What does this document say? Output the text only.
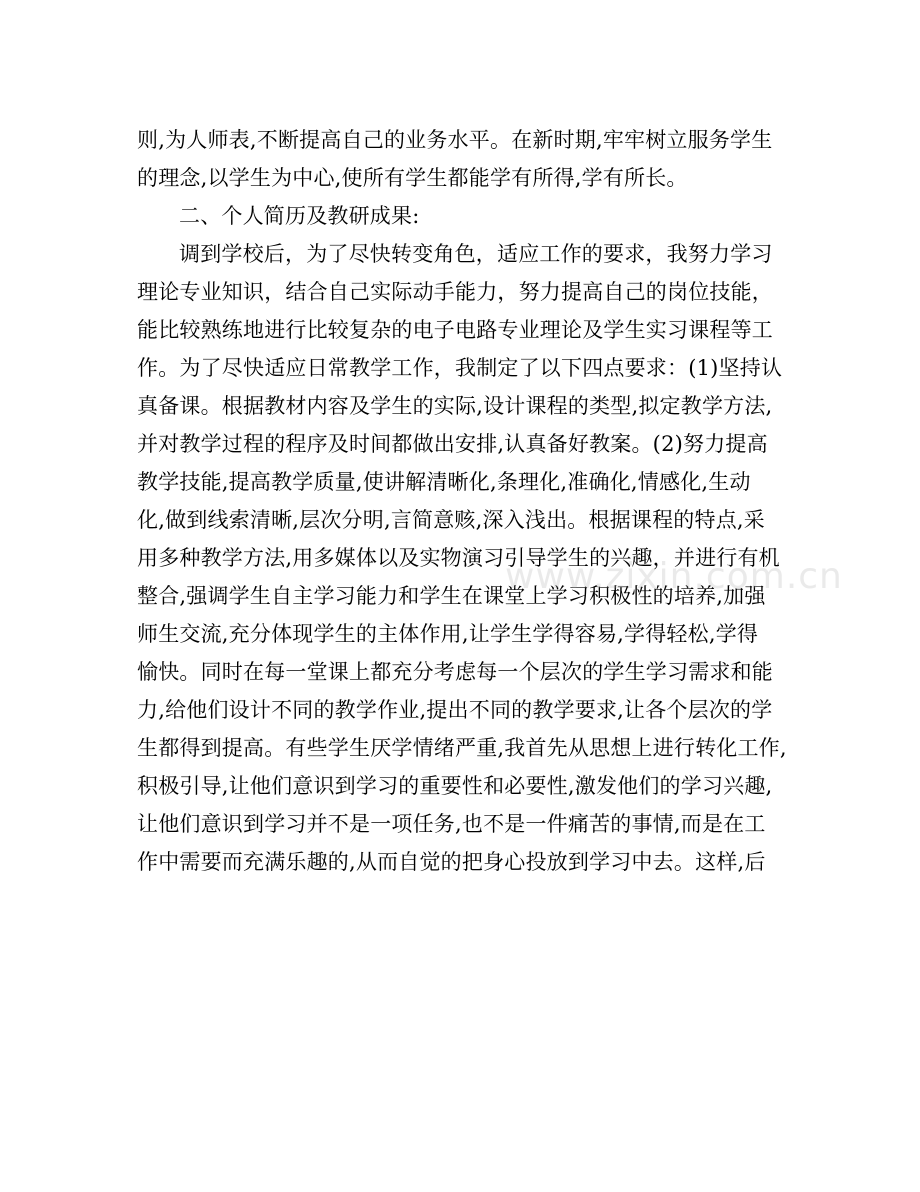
则,为人师表,不断提高自己的业务水平。在新时期,牢牢树立服务学生
的理念,以学生为中心,使所有学生都能学有所得,学有所长。
二、个人简历及教研成果:
调到学校后，为了尽快转变角色，适应工作的要求，我努力学习
理论专业知识，结合自己实际动手能力，努力提高自己的岗位技能，
能比较熟练地进行比较复杂的电子电路专业理论及学生实习课程等工
作。为了尽快适应日常教学工作，我制定了以下四点要求：(1)坚持认
真备课。根据教材内容及学生的实际,设计课程的类型,拟定教学方法,
并对教学过程的程序及时间都做出安排,认真备好教案。(2)努力提高
教学技能,提高教学质量,使讲解清晰化,条理化,准确化,情感化,生动
化,做到线索清晰,层次分明,言简意赅,深入浅出。根据课程的特点,采
用多种教学方法,用多媒体以及实物演习引导学生的兴趣，并进行有机
整合,强调学生自主学习能力和学生在课堂上学习积极性的培养,加强
师生交流,充分体现学生的主体作用,让学生学得容易,学得轻松,学得
愉快。同时在每一堂课上都充分考虑每一个层次的学生学习需求和能
力,给他们设计不同的教学作业,提出不同的教学要求,让各个层次的学
生都得到提高。有些学生厌学情绪严重,我首先从思想上进行转化工作,
积极引导,让他们意识到学习的重要性和必要性,激发他们的学习兴趣,
让他们意识到学习并不是一项任务,也不是一件痛苦的事情,而是在工
作中需要而充满乐趣的,从而自觉的把身心投放到学习中去。这样,后
www.zixin.com.cn
